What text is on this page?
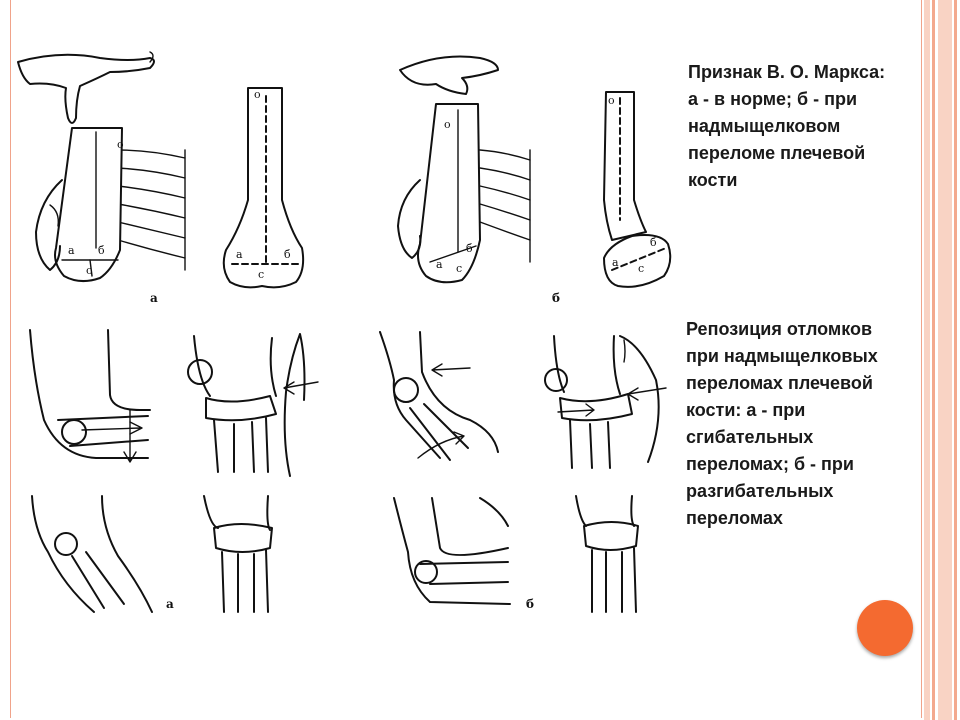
о
а б
с
о
а	б
с
а
о
а
б
с
о
а
б
с
б
а	б
Признак В. О. Маркса:
а - в норме; б - при
надмыщелковом
переломе плечевой
кости
Репозиция отломков
при надмыщелковых
переломах плечевой
кости: а - при
сгибательных
переломах; б - при
разгибательных
переломах
